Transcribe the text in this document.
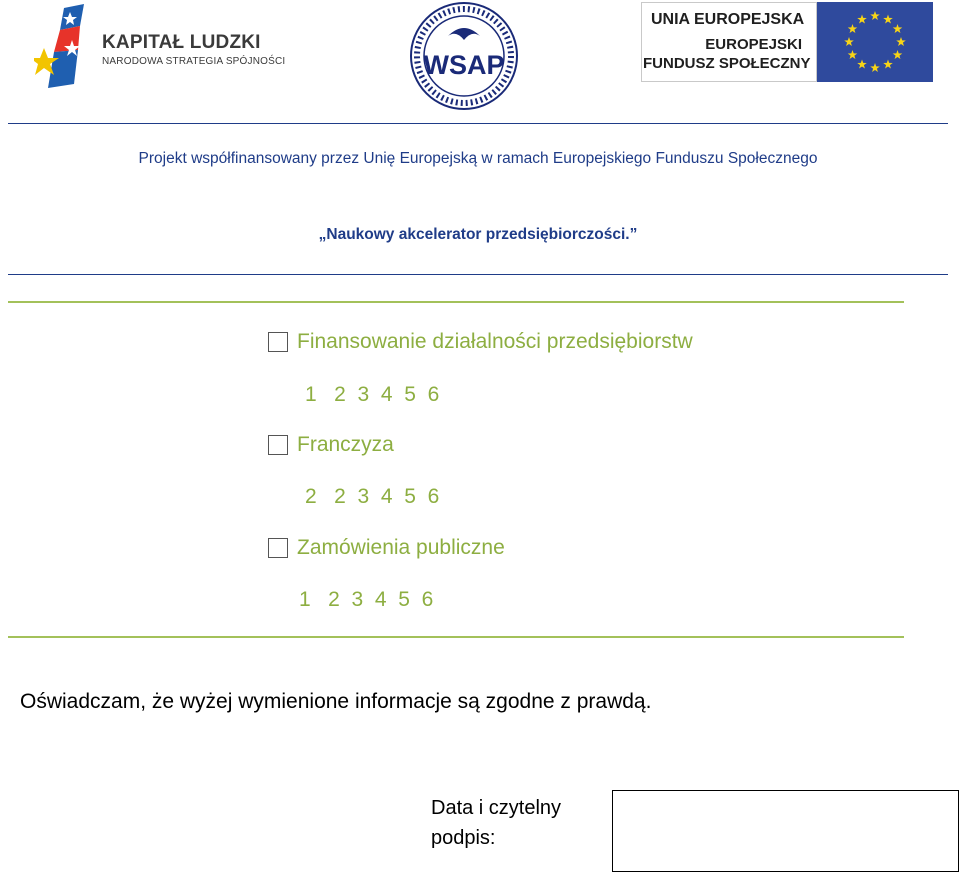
KAPITAŁ LUDZKI
NARODOWA STRATEGIA SPÓJNOŚCI	WSAP
UNIA EUROPEJSKA
EUROPEJSKI
FUNDUSZ SPOŁECZNY
Projekt współfinansowany przez Unię Europejską w ramach Europejskiego Funduszu Społecznego
„Naukowy akcelerator przedsiębiorczości.”
Finansowanie działalności przedsiębiorstw
1   2  3  4  5  6
Franczyza
2   2  3  4  5  6
Zamówienia publiczne
1   2  3  4  5  6
Oświadczam, że wyżej wymienione informacje są zgodne z prawdą.
Data i czytelny podpis:
